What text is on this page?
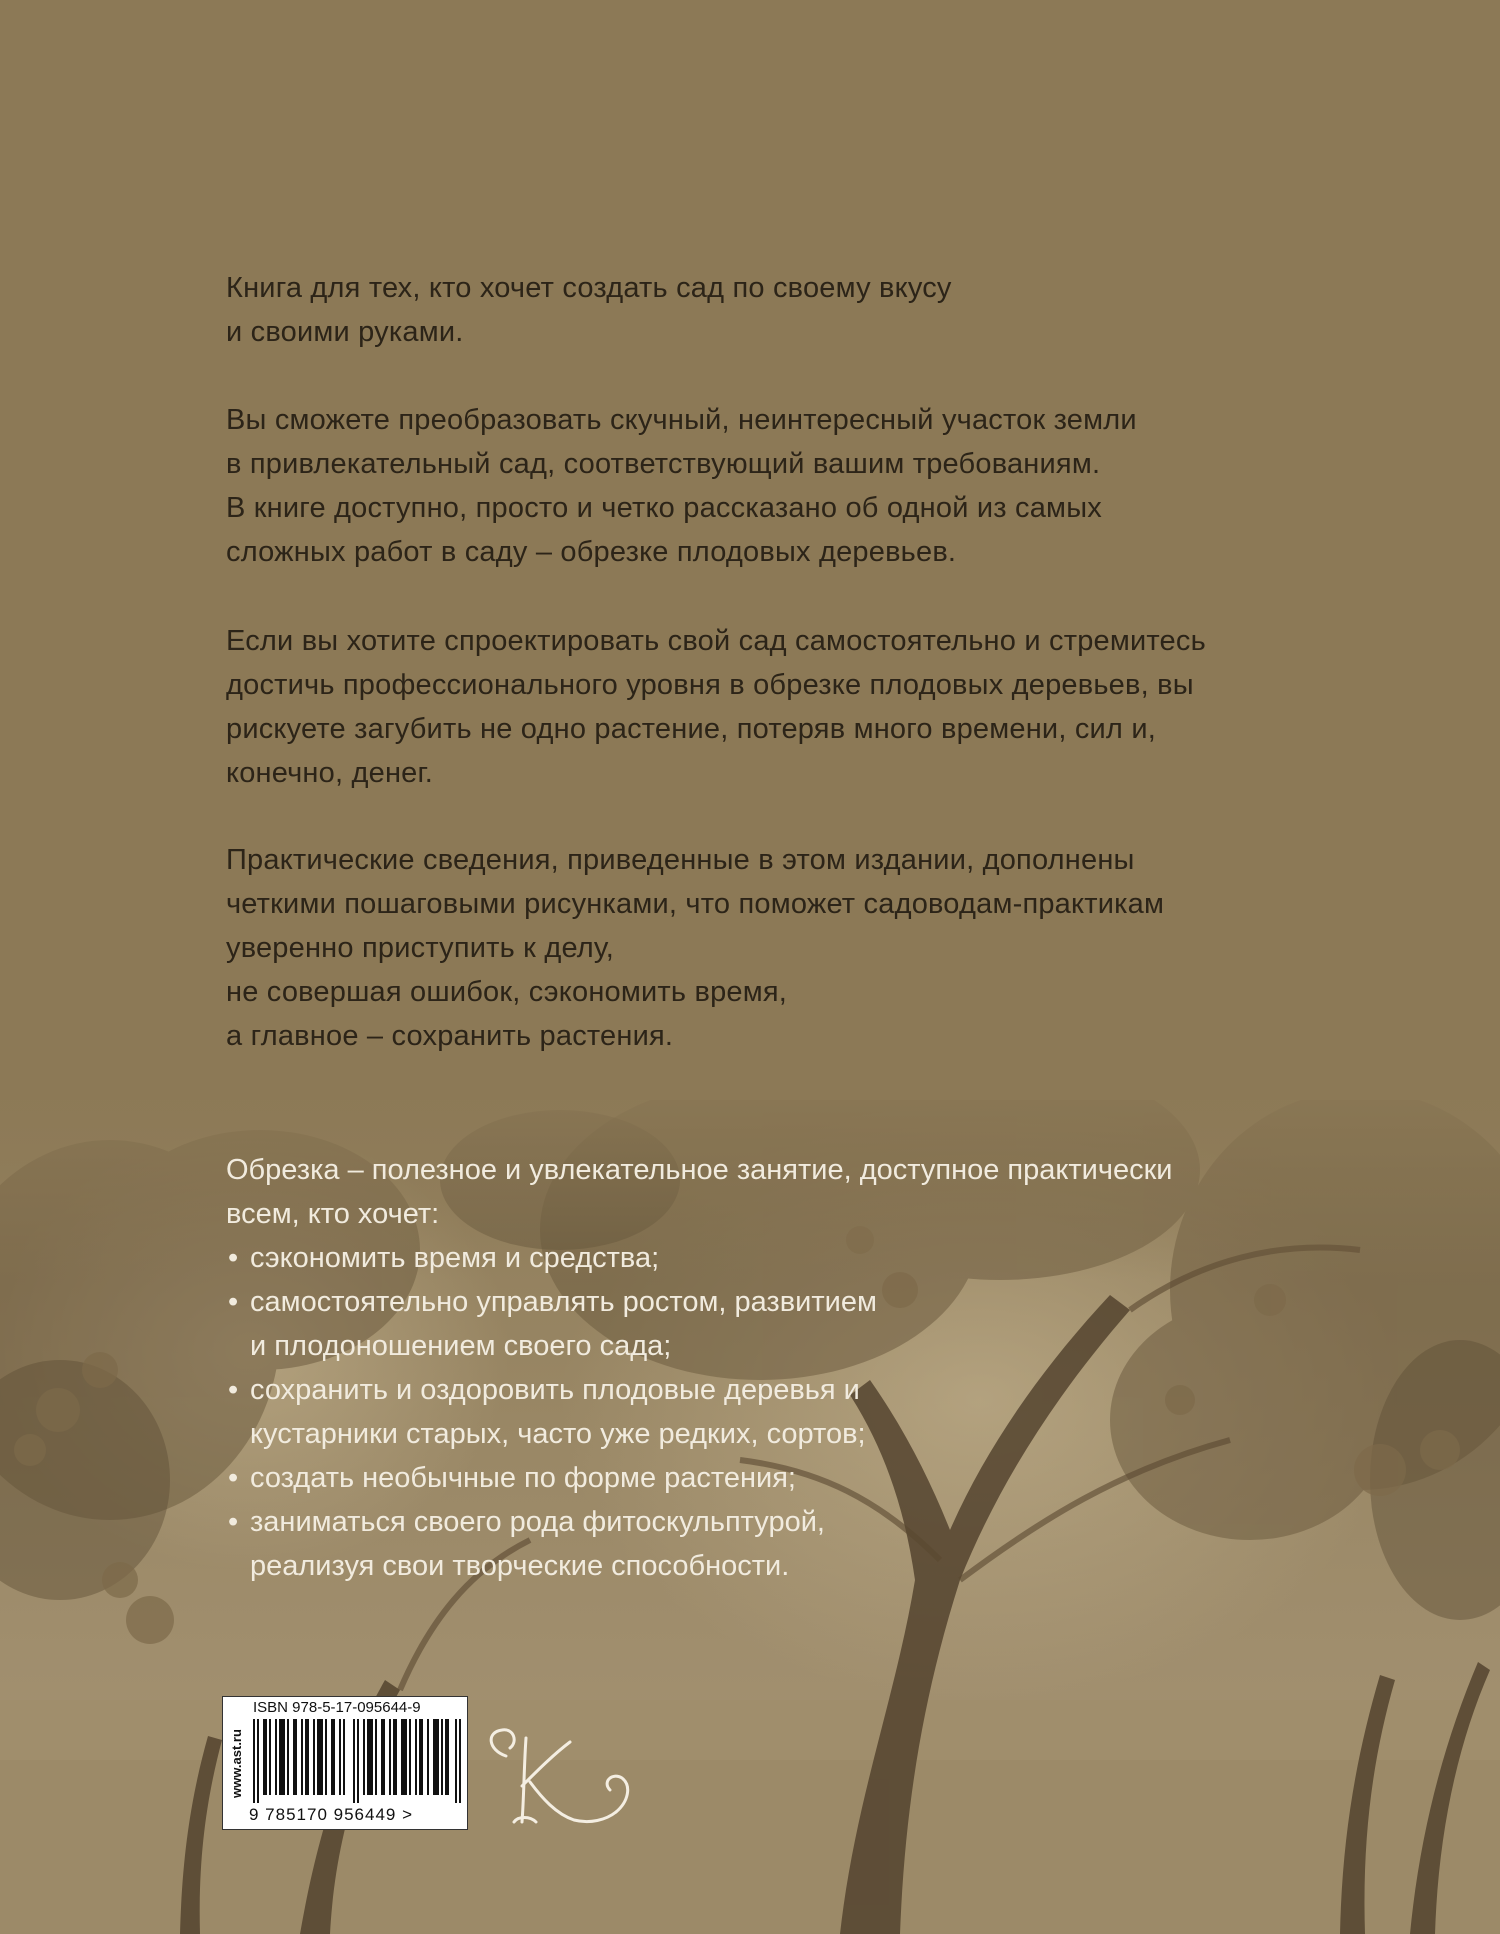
Книга для тех, кто хочет создать сад по своему вкусу

и своими руками.

Вы сможете преобразовать скучный, неинтересный участок земли

в привлекательный сад, соответствующий вашим требованиям.

В книге доступно, просто и четко рассказано об одной из самых

сложных работ в саду – обрезке плодовых деревьев.

Если вы хотите спроектировать свой сад самостоятельно и стремитесь

достичь профессионального уровня в обрезке плодовых деревьев, вы

рискуете загубить не одно растение, потеряв много времени, сил и,

конечно, денег.

Практические сведения, приведенные в этом издании, дополнены

четкими пошаговыми рисунками, что поможет садоводам-практикам

уверенно приступить к делу,

не совершая ошибок, сэкономить время,

а главное – сохранить растения.

Обрезка – полезное и увлекательное занятие, доступное практически

всем, кто хочет:

• сэкономить время и средства;
• самостоятельно управлять ростом, развитием
и плодоношением своего сада;
• сохранить и оздоровить плодовые деревья и
кустарники старых, часто уже редких, сортов;
• создать необычные по форме растения;
• заниматься своего рода фитоскульптурой,
реализуя свои творческие способности.
www.ast.ru
ISBN 978-5-17-095644-9
9 785170 956449 >
